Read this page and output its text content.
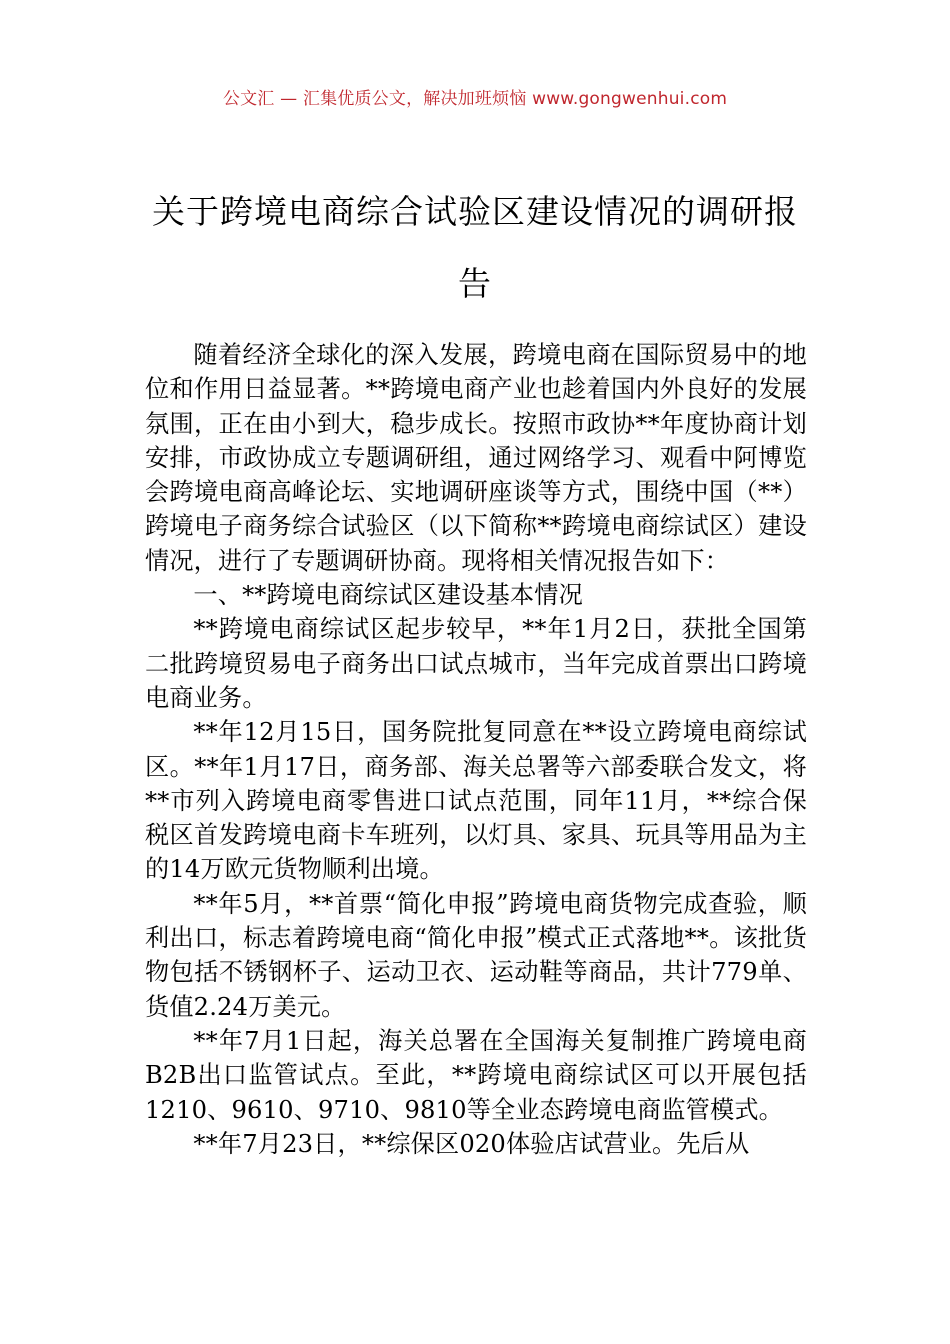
公文汇 — 汇集优质公文，解决加班烦恼 www.gongwenhui.com
关于跨境电商综合试验区建设情况的调研报告

随着经济全球化的深入发展，跨境电商在国际贸易中的地位和作用日益显著。**跨境电商产业也趁着国内外良好的发展氛围，正在由小到大，稳步成长。按照市政协**年度协商计划安排，市政协成立专题调研组，通过网络学习、观看中阿博览会跨境电商高峰论坛、实地调研座谈等方式，围绕中国（**）跨境电子商务综合试验区（以下简称**跨境电商综试区）建设情况，进行了专题调研协商。现将相关情况报告如下：

一、**跨境电商综试区建设基本情况

**跨境电商综试区起步较早，**年1月2日，获批全国第二批跨境贸易电子商务出口试点城市，当年完成首票出口跨境电商业务。

**年12月15日，国务院批复同意在**设立跨境电商综试区。**年1月17日，商务部、海关总署等六部委联合发文，将**市列入跨境电商零售进口试点范围，同年11月，**综合保税区首发跨境电商卡车班列，以灯具、家具、玩具等用品为主的14万欧元货物顺利出境。

**年5月，**首票“简化申报”跨境电商货物完成查验，顺利出口，标志着跨境电商“简化申报”模式正式落地**。该批货物包括不锈钢杯子、运动卫衣、运动鞋等商品，共计779单、货值2.24万美元。

**年7月1日起，海关总署在全国海关复制推广跨境电商B2B出口监管试点。至此，**跨境电商综试区可以开展包括1210、9610、9710、9810等全业态跨境电商监管模式。

**年7月23日，**综保区020体验店试营业。先后从
